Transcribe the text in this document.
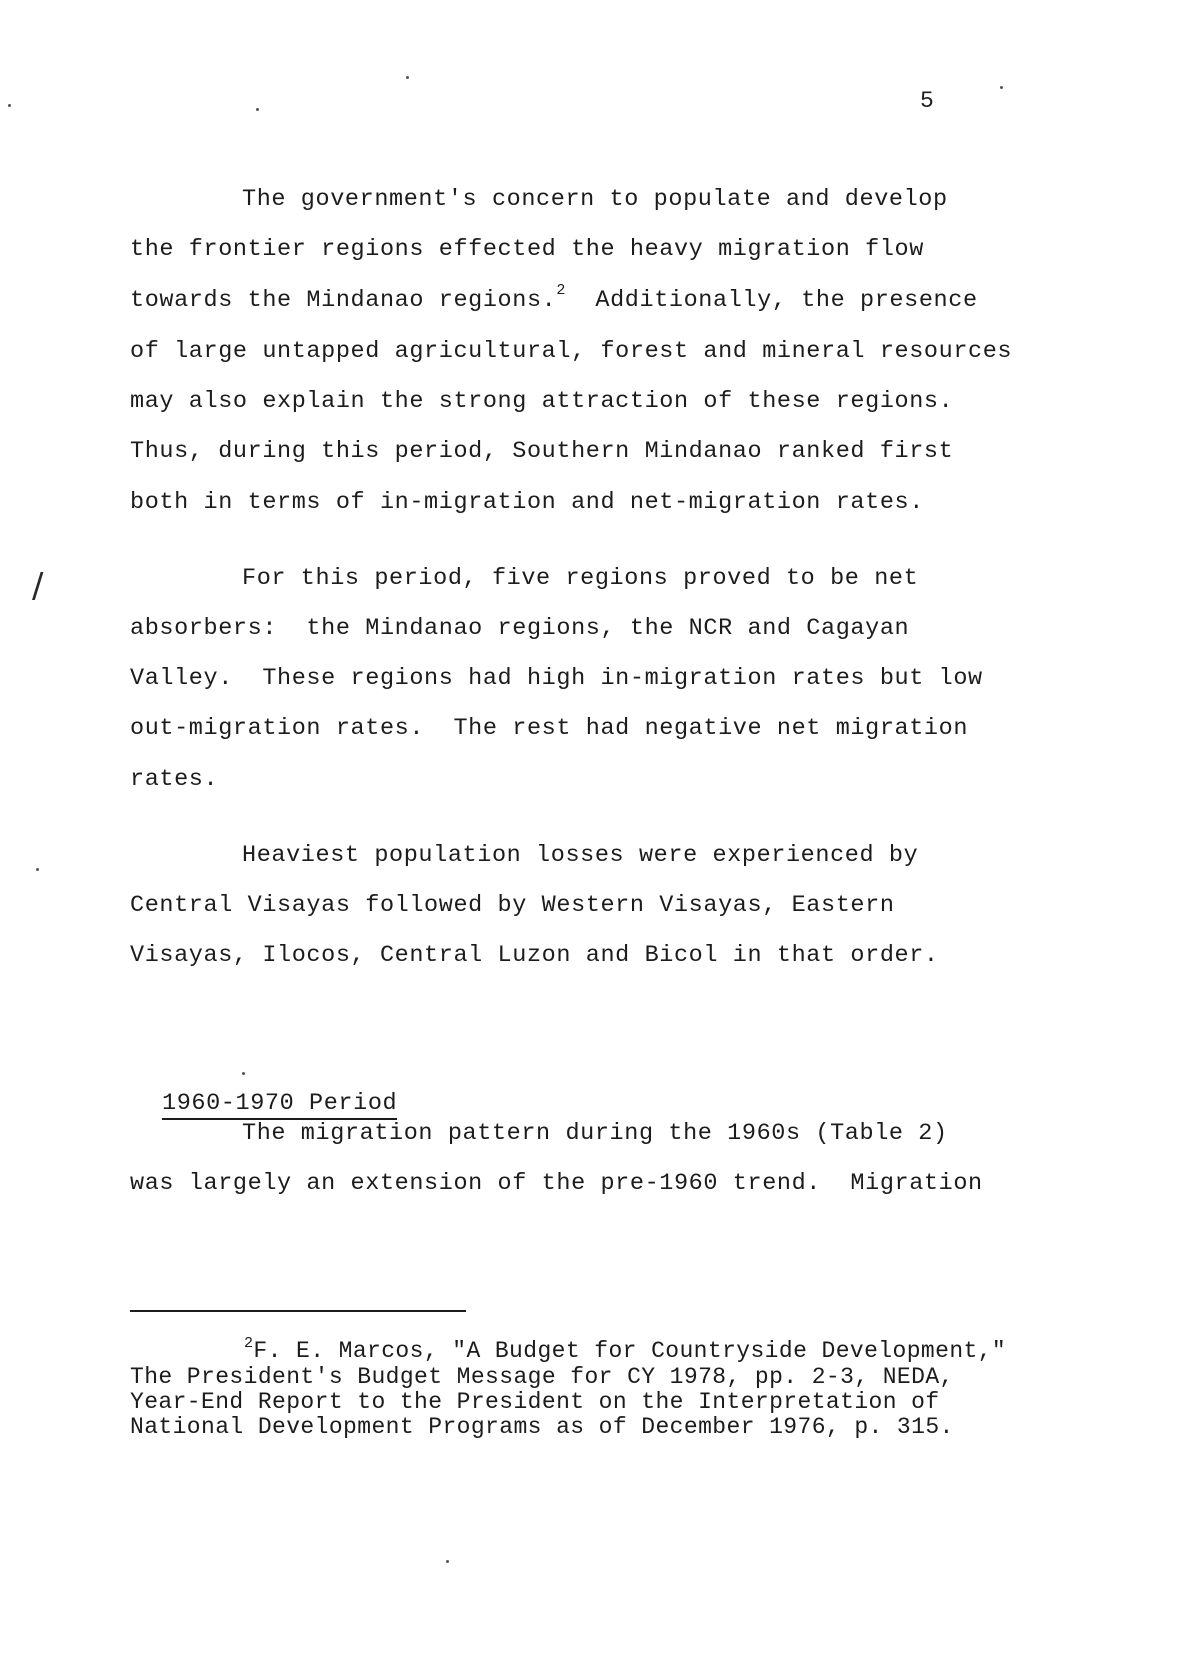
5
The government's concern to populate and develop
the frontier regions effected the heavy migration flow
towards the Mindanao regions.$^2$  Additionally, the presence
of large untapped agricultural, forest and mineral resources
may also explain the strong attraction of these regions.
Thus, during this period, Southern Mindanao ranked first
both in terms of in-migration and net-migration rates.
/	For this period, five regions proved to be net
absorbers:  the Mindanao regions, the NCR and Cagayan
Valley.  These regions had high in-migration rates but low
out-migration rates.  The rest had negative net migration
rates.
Heaviest population losses were experienced by
Central Visayas followed by Western Visayas, Eastern
Visayas, Ilocos, Central Luzon and Bicol in that order.
1960-1970 Period
The migration pattern during the 1960s (Table 2)
was largely an extension of the pre-1960 trend.  Migration
$^2$F. E. Marcos, "A Budget for Countryside Development,"
The President's Budget Message for CY 1978, pp. 2-3, NEDA,
Year-End Report to the President on the Interpretation of
National Development Programs as of December 1976, p. 315.
